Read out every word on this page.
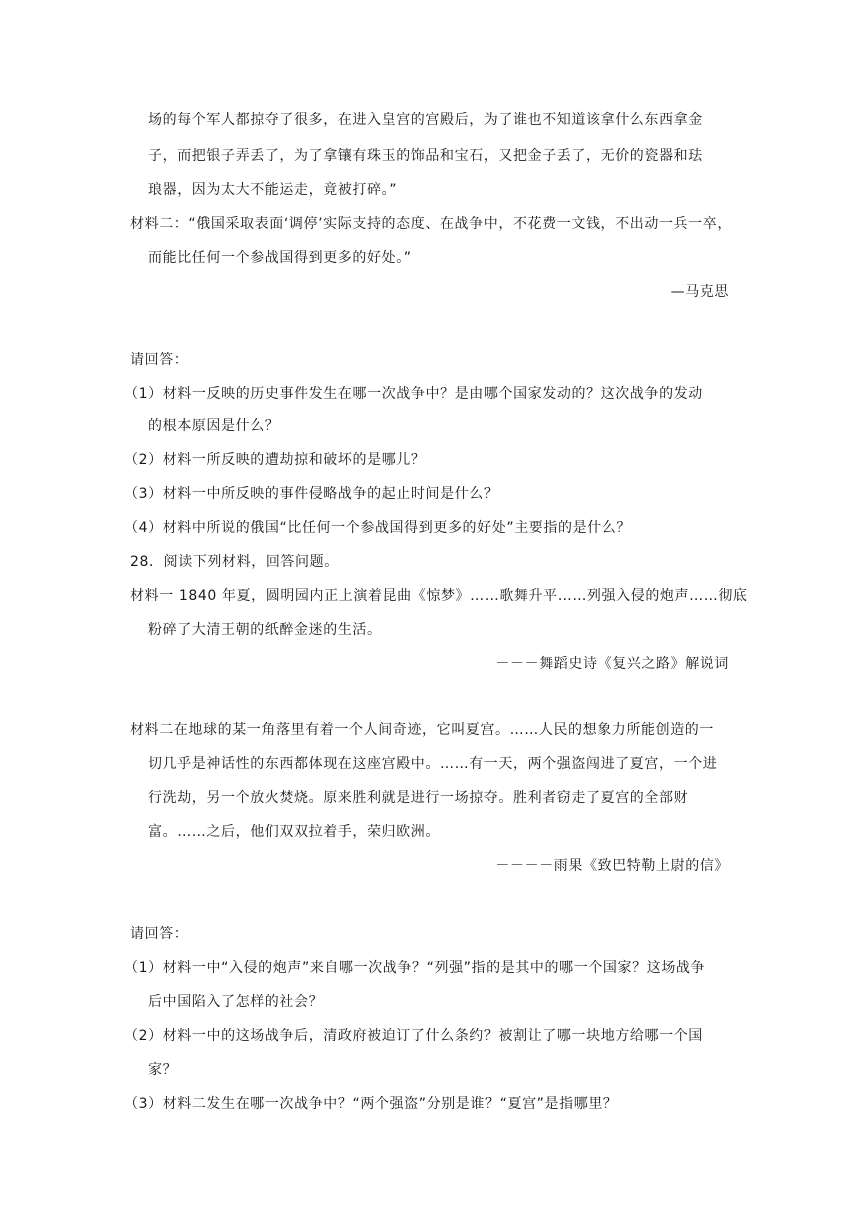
场的每个军人都掠夺了很多，在进入皇宫的宫殿后，为了谁也不知道该拿什么东西拿金
子，而把银子弄丢了，为了拿镶有珠玉的饰品和宝石，又把金子丢了，无价的瓷器和珐
琅器，因为太大不能运走，竟被打碎。”
材料二：“俄国采取表面‘调停’实际支持的态度、在战争中，不花费一文钱，不出动一兵一卒，
而能比任何一个参战国得到更多的好处。”
—马克思
请回答：
（1）材料一反映的历史事件发生在哪一次战争中？是由哪个国家发动的？这次战争的发动
的根本原因是什么？
（2）材料一所反映的遭劫掠和破坏的是哪儿？
（3）材料一中所反映的事件侵略战争的起止时间是什么？
（4）材料中所说的俄国“比任何一个参战国得到更多的好处”主要指的是什么？
28．阅读下列材料，回答问题。
材料一 1840 年夏，圆明园内正上演着昆曲《惊梦》……歌舞升平……列强入侵的炮声……彻底
粉碎了大清王朝的纸醉金迷的生活。
－－－舞蹈史诗《复兴之路》解说词
材料二在地球的某一角落里有着一个人间奇迹，它叫夏宫。……人民的想象力所能创造的一
切几乎是神话性的东西都体现在这座宫殿中。……有一天，两个强盗闯进了夏宫，一个进
行洗劫，另一个放火焚烧。原来胜利就是进行一场掠夺。胜利者窃走了夏宫的全部财
富。……之后，他们双双拉着手，荣归欧洲。
－－－－雨果《致巴特勒上尉的信》
请回答：
（1）材料一中“入侵的炮声”来自哪一次战争？“列强”指的是其中的哪一个国家？这场战争
后中国陷入了怎样的社会？
（2）材料一中的这场战争后，清政府被迫订了什么条约？被割让了哪一块地方给哪一个国
家？
（3）材料二发生在哪一次战争中？“两个强盗”分别是谁？“夏宫”是指哪里？
